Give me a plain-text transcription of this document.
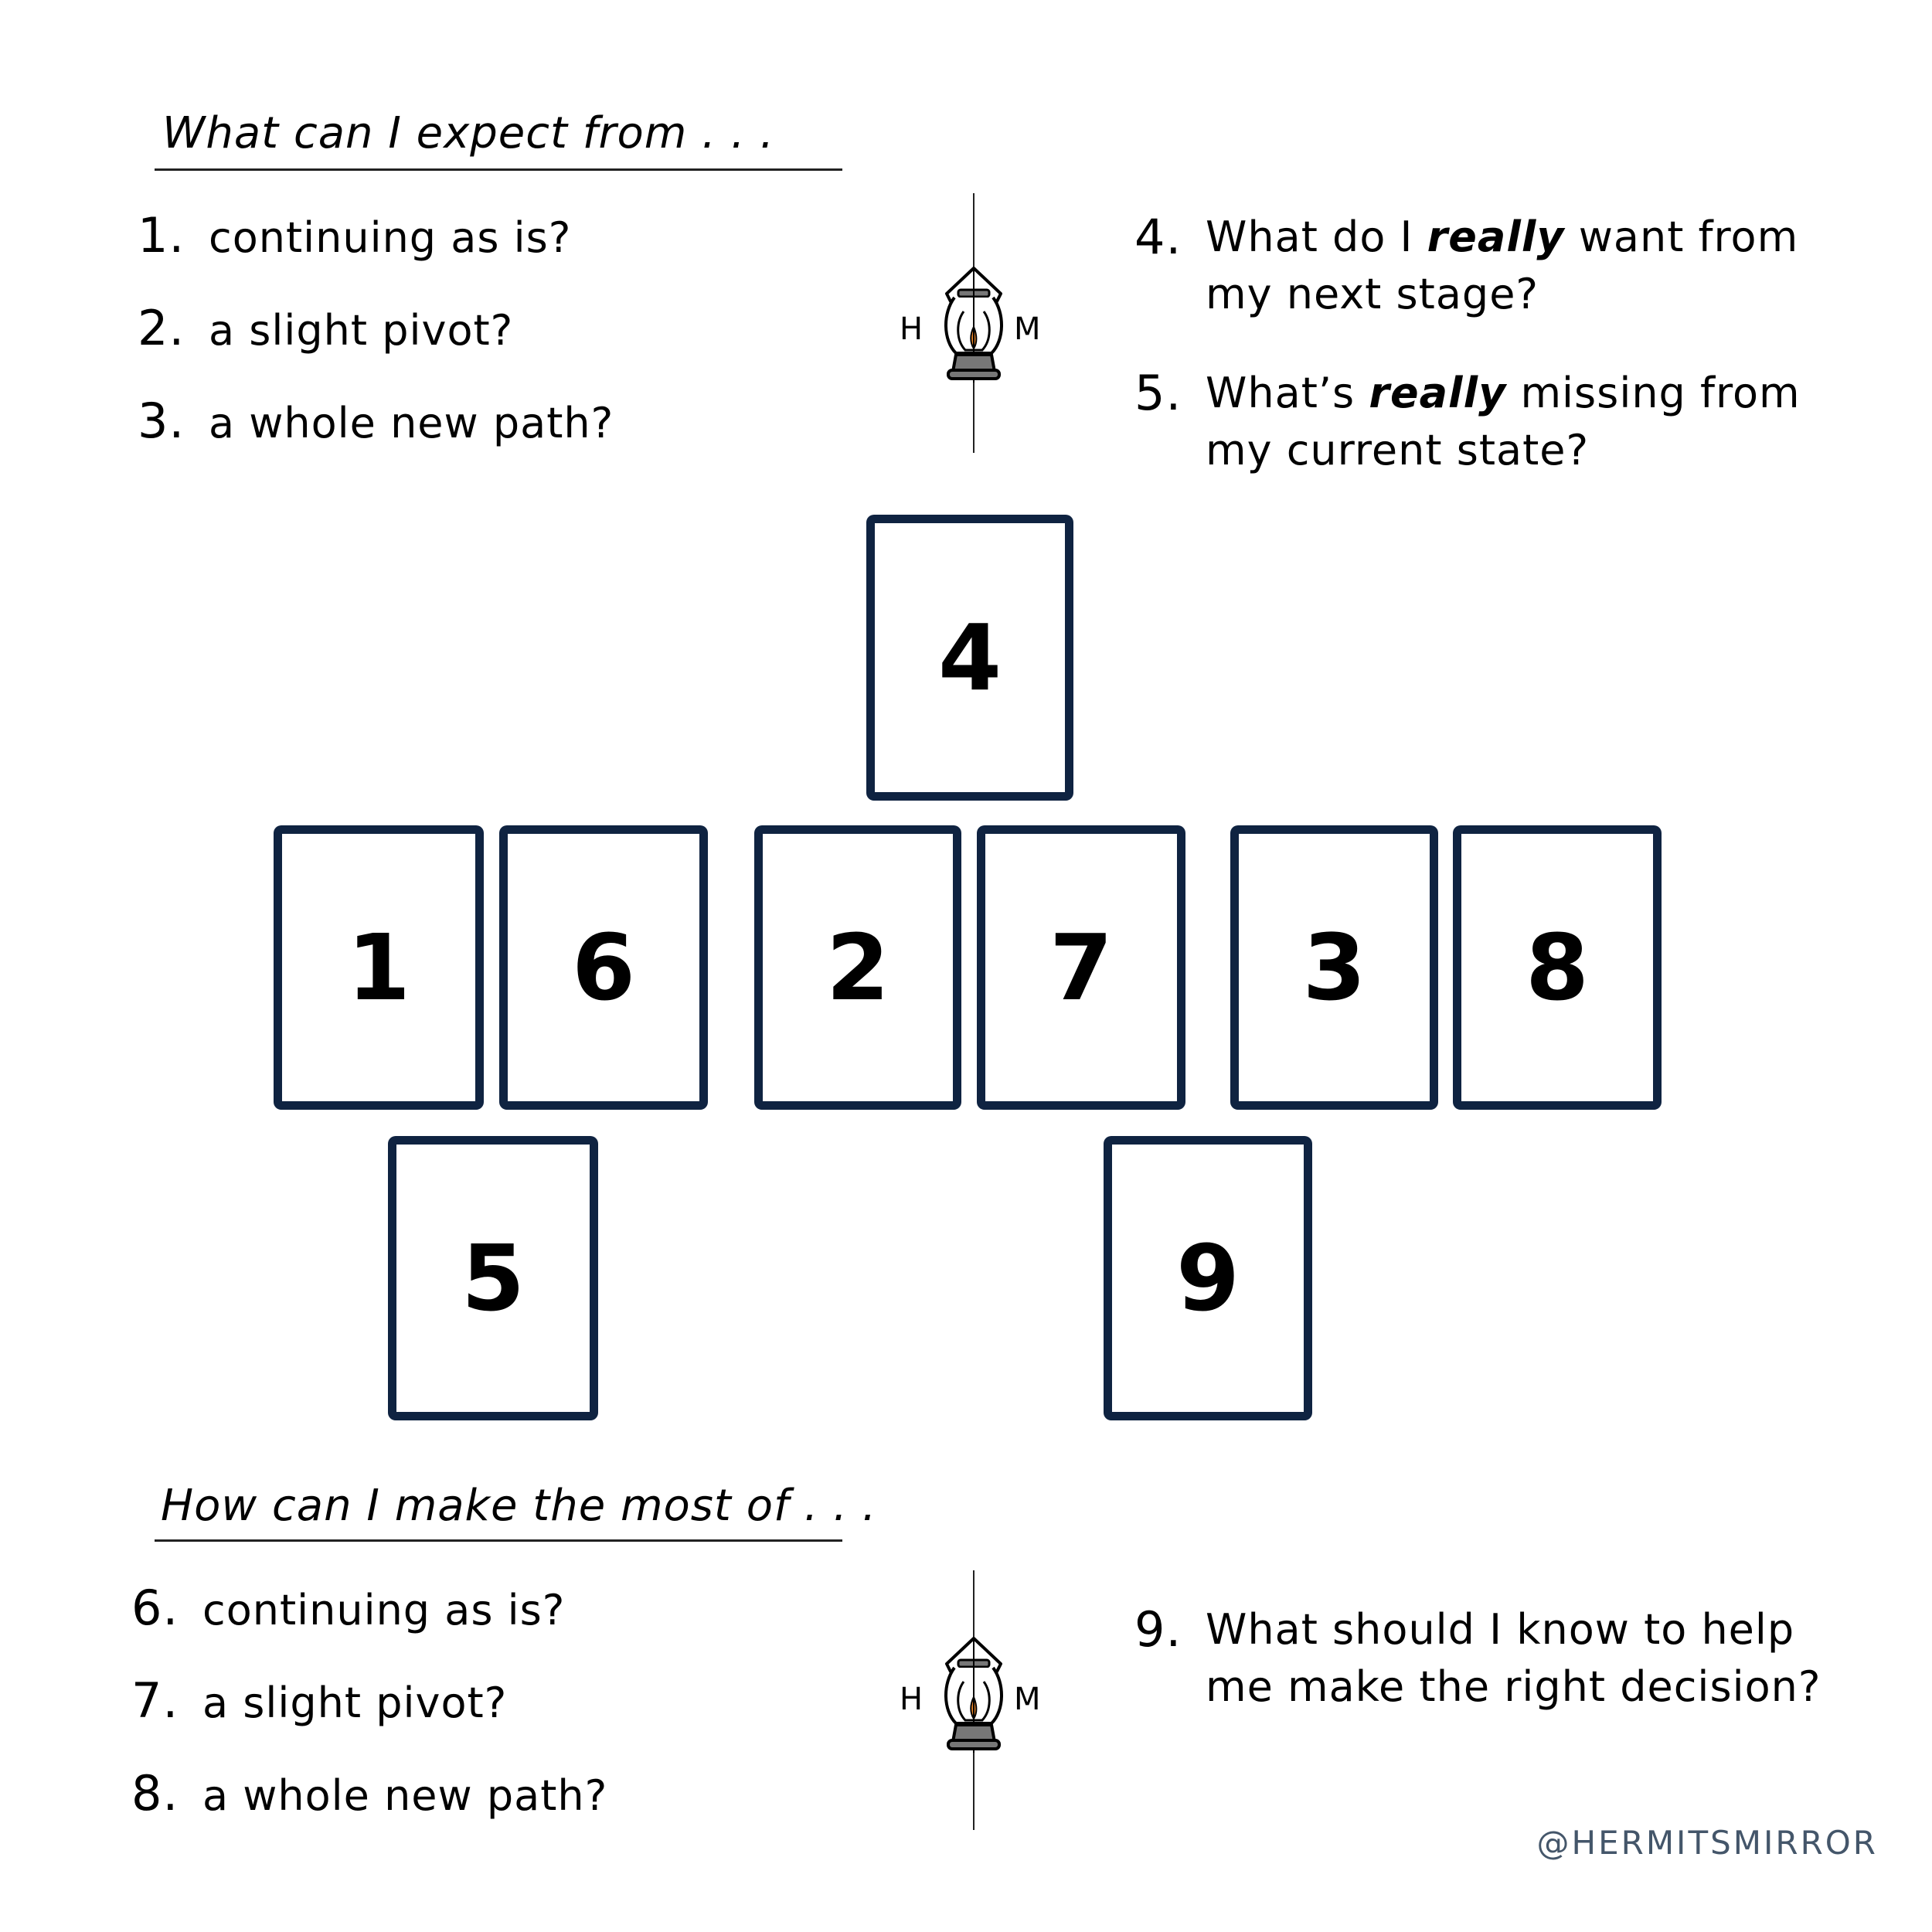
What can I expect from . . .
1. continuing as is?
2. a slight pivot?
3. a whole new path?
H	M
4. What do I really want from
my next stage?
5. What’s really missing from
my current state?
4
1 6 2 7 3 8
5	9
How can I make the most of . . .
6. continuing as is?
7. a slight pivot?
8. a whole new path?
H	M
9. What should I know to help
me make the right decision?
@HERMITSMIRROR
